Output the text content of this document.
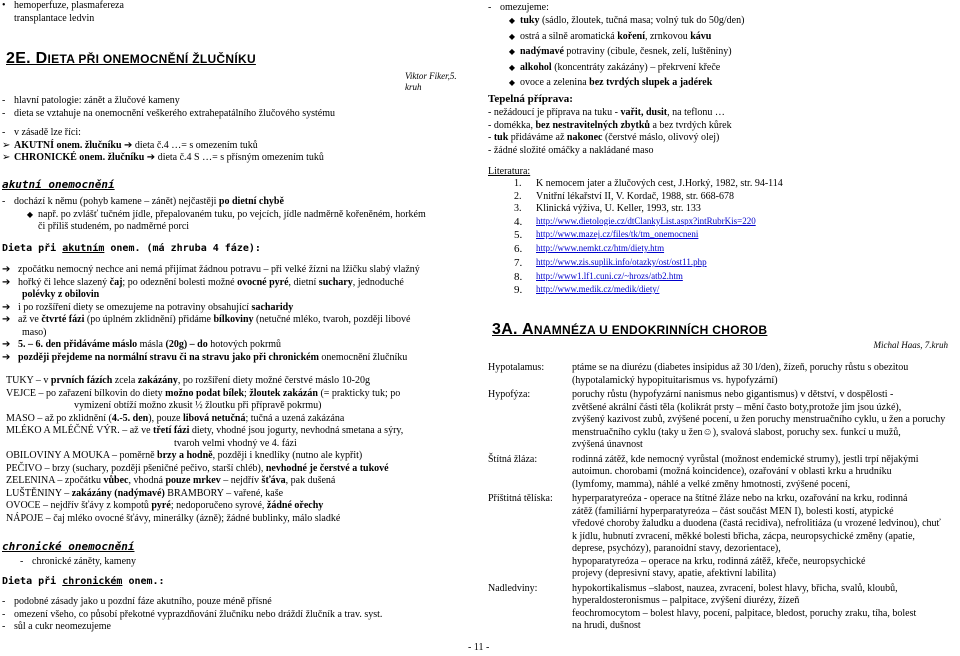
• hemoperfuze, plasmafereza
transplantace ledvin
2E. DIETA PŘI ONEMOCNĚNÍ ŽLUČNÍKU
Viktor Fiker,5. kruh
- hlavní patologie: zánět a žlučové kameny
- dieta se vztahuje na onemocnění veškerého extrahepatálního žlučového systému
- v zásadě lze říci:
➢ AKUTNÍ onem. žlučníku ➔ dieta č.4 …= s omezením tuků
➢ CHRONICKÉ onem. žlučníku ➔ dieta č.4 S …= s přísným omezením tuků
akutní onemocnění
- dochází k němu (pohyb kamene – zánět) nejčastěji po dietní chybě
◆ např. po zvlášť tučném jídle, přepalovaném tuku, po vejcích, jídle nadměrně kořeněném, horkém
či příliš studeném, po nadměrné porci
Dieta při akutním onem. (má zhruba 4 fáze):
➔ zpočátku nemocný nechce ani nemá přijímat žádnou potravu – při velké žízni na lžičku slabý vlažný
➔ hořký či lehce slazený čaj; po odeznění bolesti možné ovocné pyré, dietní suchary, jednoduché
polévky z obilovin
➔ i po rozšíření diety se omezujeme na potraviny obsahující sacharidy
➔ až ve čtvrté fázi (po úplném zklidnění) přidáme bílkoviny (netučné mléko, tvaroh, později libové
maso)
➔ 5. – 6. den přidáváme máslo másla (20g) – do hotových pokrmů
➔ později přejdeme na normální stravu či na stravu jako při chronickém onemocnění žlučníku
TUKY – v prvních fázích zcela zakázány, po rozšíření diety možné čerstvé máslo 10-20g
VEJCE – po zařazení bílkovin do diety možno podat bílek; žloutek zakázán (= prakticky tuk; po
vymizení obtíží možno zkusit ½ žloutku při přípravě pokrmu)
MASO – až po zklidnění (4.-5. den), pouze libová netučná; tučná a uzená zakázána
MLÉKO A MLÉČNÉ VÝR. – až ve třetí fázi diety, vhodné jsou jogurty, nevhodná smetana a sýry,
tvaroh velmi vhodný ve 4. fázi
OBILOVINY A MOUKA – poměrně brzy a hodně, později i knedlíky (nutno ale kypřit)
PEČIVO – brzy (suchary, později pšeničné pečivo, starší chléb), nevhodné je čerstvé a tukové
ZELENINA – zpočátku vůbec, vhodná pouze mrkev – nejdřív šťáva, pak dušená
LUŠTĚNINY – zakázány (nadýmavé) BRAMBORY – vařené, kaše
OVOCE – nejdřív šťávy z kompotů pyré; nedoporučeno syrové, žádné ořechy
NÁPOJE – čaj mléko ovocné šťávy, minerálky (ázně); žádné bublinky, málo sladké
chronické onemocnění
- chronické záněty, kameny
Dieta při chronickém onem.:
- podobné zásady jako u pozdní fáze akutního, pouze méně přísné
- omezení všeho, co působí překotné vyprazdňování žlučníku nebo dráždí žlučník a trav. syst.
- sůl a cukr neomezujeme
- omezujeme:
◆ tuky (sádlo, žloutek, tučná masa; volný tuk do 50g/den)
◆ ostrá a silně aromatická koření, zrnkovou kávu
◆ nadýmavé potraviny (cibule, česnek, zelí, luštěniny)
◆ alkohol (koncentráty zakázány) – překrvení křeče
◆ ovoce a zelenina bez tvrdých slupek a jadérek
Tepelná příprava:
- nežádoucí je příprava na tuku - vařit, dusit, na teflonu …
- domékka, bez nestravitelných zbytků a bez tvrdých kůrek
- tuk přidáváme až nakonec (čerstvé máslo, olivový olej)
- žádné složité omáčky a nakládané maso
Literatura:
1.	K nemocem jater a žlučových cest, J.Horký, 1982, str. 94-114
2.	Vnitřní lékařství II, V. Kordač, 1988, str. 668-678
3.	Klinická výživa, U. Keller, 1993, str. 133
4.	http://www.dietologie.cz/dtClankyList.aspx?intRubrKis=220
5.	http://www.mazej.cz/files/tk/tm_onemocneni
6.	http://www.nemkt.cz/htm/diety.htm
7.	http://www.zis.suplik.info/otazky/ost/ost11.php
8.	http://www1.lf1.cuni.cz/~hrozs/atb2.htm
9.	http://www.medik.cz/medik/diety/
3A. ANAMNÉZA U ENDOKRINNÍCH CHOROB
Michal Haas, 7.kruh
Hypotalamus:	ptáme se na diurézu (diabetes insipidus až 30 l/den), žízeň, poruchy růstu s obezitou
(hypotalamický hypopituitarismus vs. hypofyzární)
Hypofýza:	poruchy růstu (hypofyzární nanismus nebo gigantismus) v dětství, v dospělosti -
zvětšené akrální části těla (kolikrát prsty – mění často boty,protože jim jsou úzké),
zvýšený kazivost zubů, zvýšené pocení, u žen poruchy menstruačního cyklu, u žen a poruchy
menstruačního cyklu (taky u žen☺), svalová slabost, poruchy sex. funkcí u mužů,
zvýšená únavnost
Štítná žláza:	rodinná zátěž, kde nemocný vyrůstal (možnost endemické strumy), jestli trpí nějakými
autoimun. chorobami (možná koincidence), ozařování v oblasti krku a hrudníku
(lymfomy, mamma), náhlé a velké změny hmotnosti, zvýšené pocení,
Příštitná tělíska:	hyperparatyreóza - operace na štítné žláze nebo na krku, ozařování na krku, rodinná
zátěž (familiární hyperparatyreóza – část součást MEN I), bolesti kostí, atypické
vředové choroby žaludku a duodena (častá recidiva), nefrolitiáza (u vrozené ledvinou), chuť
k jídlu, hubnutí zvracení, měkké bolesti břicha, zácpa, neuropsychické změny (apatie,
deprese, psychózy), paranoidní stavy, dezorientace),
hypoparatyreóza – operace na krku, rodinná zátěž, křeče, neuropsychické
projevy (depresivní stavy, apatie, afektivní labilita)
Nadledviny:	hypokortikalismus –slabost, nauzea, zvracení, bolest hlavy, břicha, svalů, kloubů,
hyperaldosteronismus – palpitace, zvýšení diurézy, žízeň
feochromocytom – bolest hlavy, pocení, palpitace, bledost, poruchy zraku, tíha, bolest
na hrudi, dušnost
- 11 -
